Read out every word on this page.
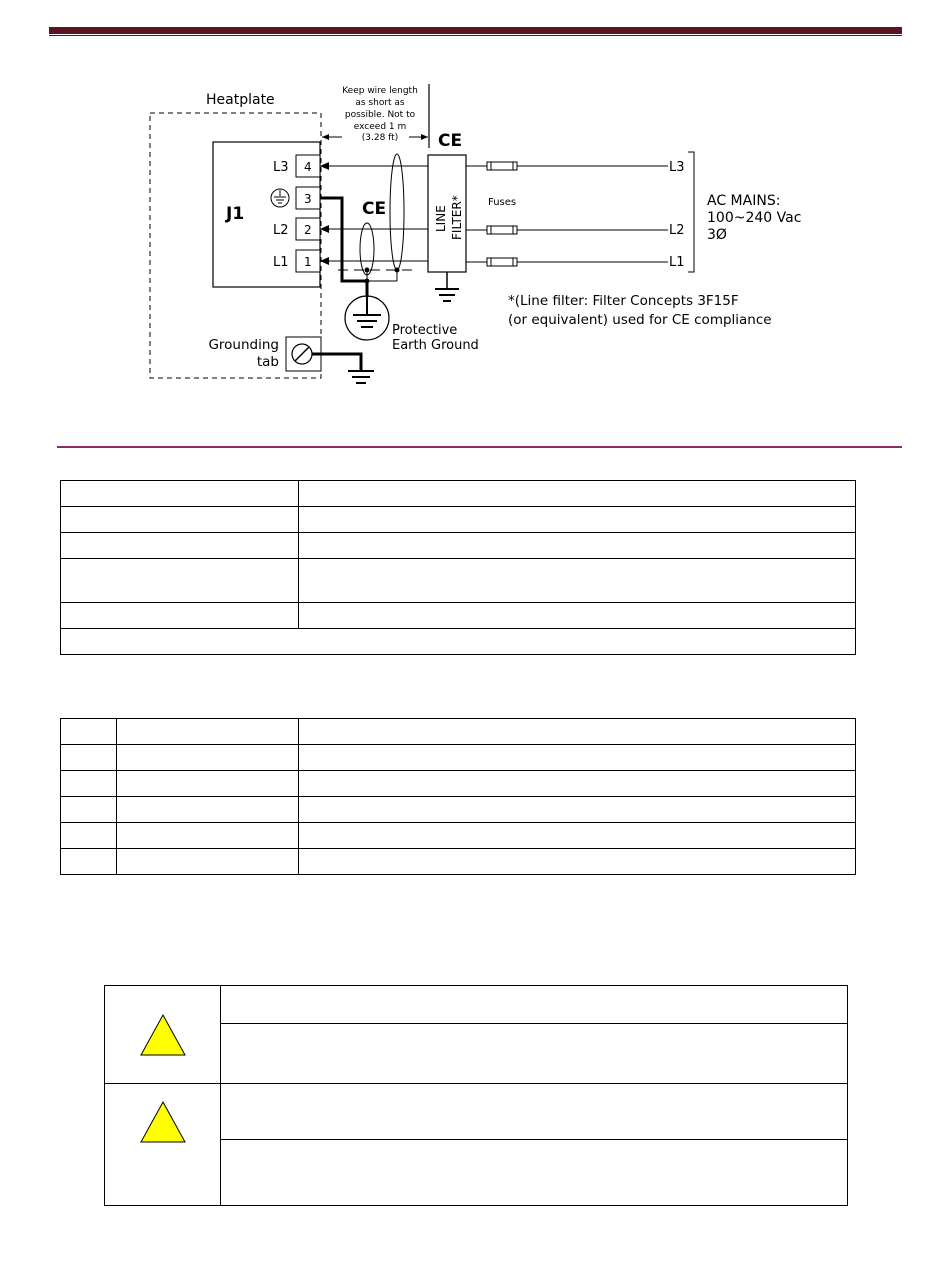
Heatplate
J1
4
L3
3
2
L2
1
L1
Keep wire length
as short as
possible. Not to
exceed 1 m
(3.28 ft) CE
CE	LINE FILTER*
Protective
Earth Ground
Fuses
L3
L2
L1
AC MAINS:
100~240 Vac
3Ø
*(Line filter: Filter Concepts 3F15F
(or equivalent) used for CE compliance
Grounding
tab
